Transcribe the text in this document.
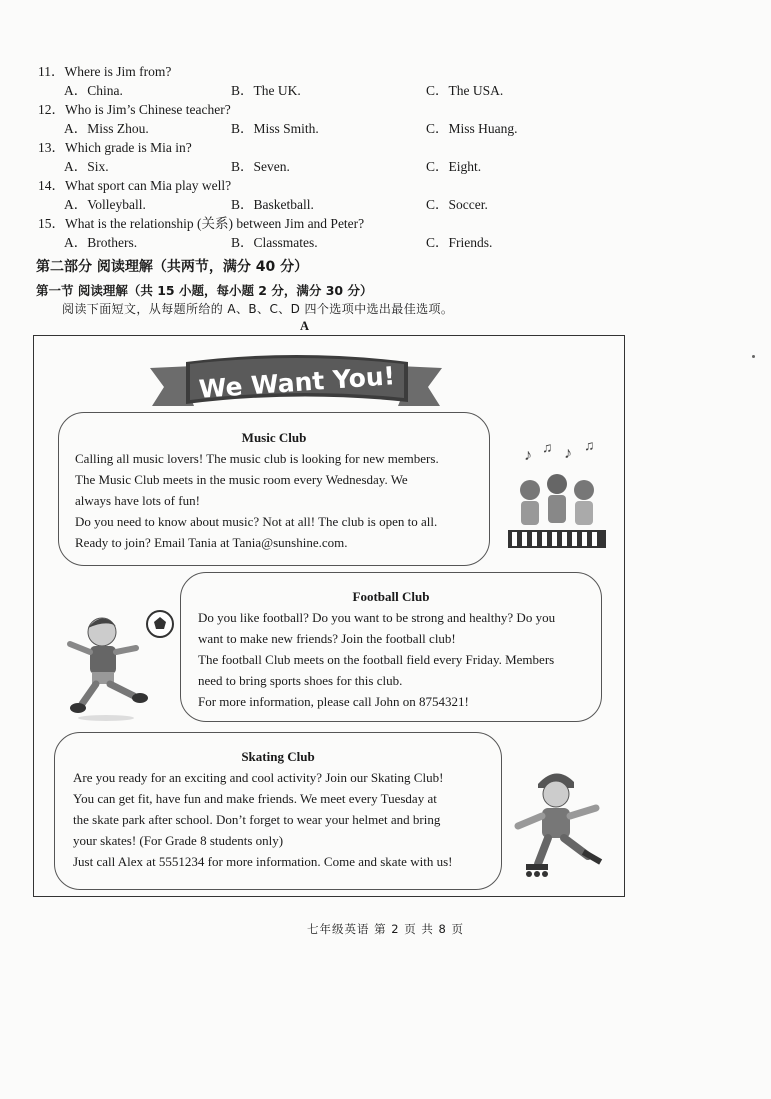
11．Where is Jim from?
A．China.	B．The UK.	C．The USA.
12．Who is Jim’s Chinese teacher?
A．Miss Zhou.	B．Miss Smith.	C．Miss Huang.
13．Which grade is Mia in?
A．Six.	B．Seven.	C．Eight.
14．What sport can Mia play well?
A．Volleyball.	B．Basketball.	C．Soccer.
15．What is the relationship (关系) between Jim and Peter?
A．Brothers.	B．Classmates.	C．Friends.
第二部分 阅读理解（共两节，满分 40 分）
第一节 阅读理解（共 15 小题，每小题 2 分，满分 30 分）
阅读下面短文，从每题所给的 A、B、C、D 四个选项中选出最佳选项。
A
We Want You!
Music Club
Calling all music lovers! The music club is looking for new members.
The Music Club meets in the music room every Wednesday. We
always have lots of fun!
Do you need to know about music? Not at all! The club is open to all.
Ready to join? Email Tania at Tania@sunshine.com.
♪ ♫ ♪ ♫
Football Club
Do you like football? Do you want to be strong and healthy? Do you
want to make new friends? Join the football club!
The football Club meets on the football field every Friday. Members
need to bring sports shoes for this club.
For more information, please call John on 8754321!
Skating Club
Are you ready for an exciting and cool activity? Join our Skating Club!
You can get fit, have fun and make friends. We meet every Tuesday at
the skate park after school. Don’t forget to wear your helmet and bring
your skates! (For Grade 8 students only)
Just call Alex at 5551234 for more information. Come and skate with us!
七年级英语 第 2 页 共 8 页
